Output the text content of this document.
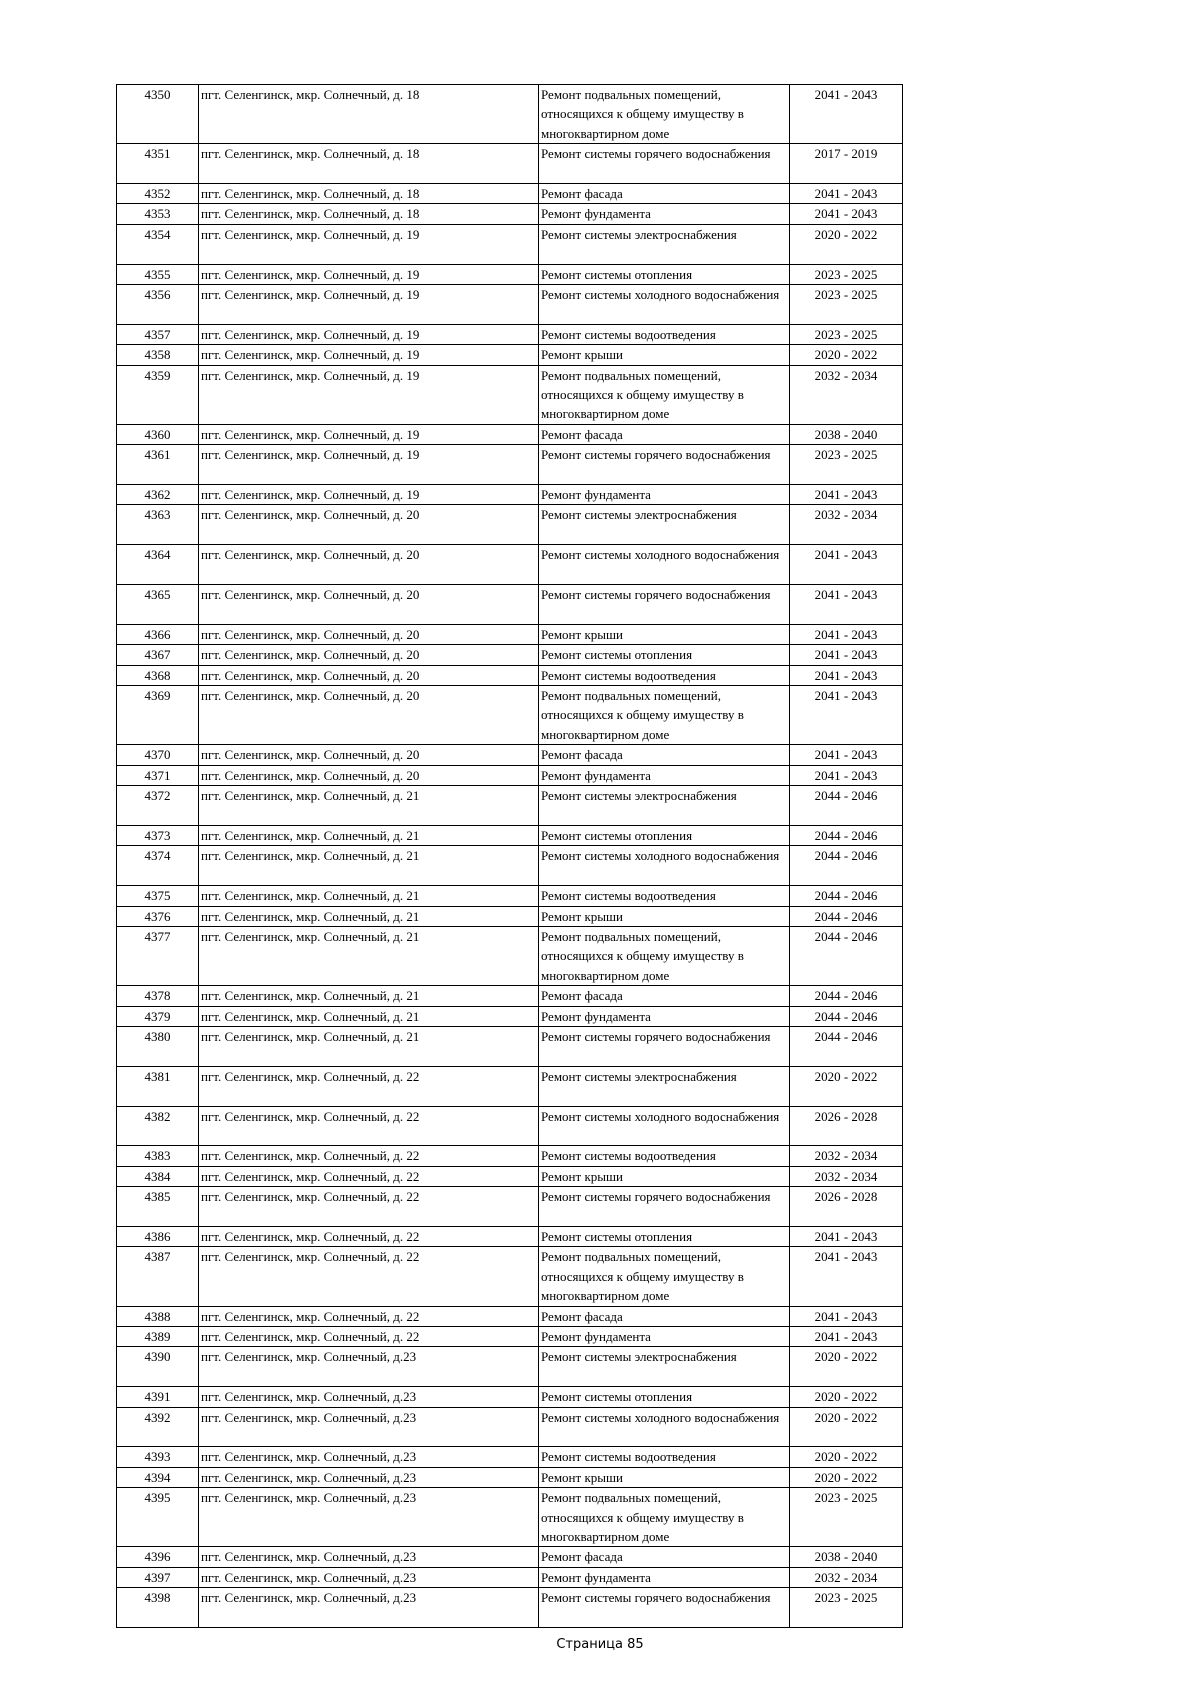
4350	пгт. Селенгинск, мкр. Солнечный, д. 18	Ремонт подвальных помещений, относящихся к общему имуществу в многоквартирном доме	2041 - 2043
4351	пгт. Селенгинск, мкр. Солнечный, д. 18	Ремонт системы горячего водоснабжения	2017 - 2019
4352	пгт. Селенгинск, мкр. Солнечный, д. 18	Ремонт фасада	2041 - 2043
4353	пгт. Селенгинск, мкр. Солнечный, д. 18	Ремонт фундамента	2041 - 2043
4354	пгт. Селенгинск, мкр. Солнечный, д. 19	Ремонт системы электроснабжения	2020 - 2022
4355	пгт. Селенгинск, мкр. Солнечный, д. 19	Ремонт системы отопления	2023 - 2025
4356	пгт. Селенгинск, мкр. Солнечный, д. 19	Ремонт системы холодного водоснабжения	2023 - 2025
4357	пгт. Селенгинск, мкр. Солнечный, д. 19	Ремонт системы водоотведения	2023 - 2025
4358	пгт. Селенгинск, мкр. Солнечный, д. 19	Ремонт крыши	2020 - 2022
4359	пгт. Селенгинск, мкр. Солнечный, д. 19	Ремонт подвальных помещений, относящихся к общему имуществу в многоквартирном доме	2032 - 2034
4360	пгт. Селенгинск, мкр. Солнечный, д. 19	Ремонт фасада	2038 - 2040
4361	пгт. Селенгинск, мкр. Солнечный, д. 19	Ремонт системы горячего водоснабжения	2023 - 2025
4362	пгт. Селенгинск, мкр. Солнечный, д. 19	Ремонт фундамента	2041 - 2043
4363	пгт. Селенгинск, мкр. Солнечный, д. 20	Ремонт системы электроснабжения	2032 - 2034
4364	пгт. Селенгинск, мкр. Солнечный, д. 20	Ремонт системы холодного водоснабжения	2041 - 2043
4365	пгт. Селенгинск, мкр. Солнечный, д. 20	Ремонт системы горячего водоснабжения	2041 - 2043
4366	пгт. Селенгинск, мкр. Солнечный, д. 20	Ремонт крыши	2041 - 2043
4367	пгт. Селенгинск, мкр. Солнечный, д. 20	Ремонт системы отопления	2041 - 2043
4368	пгт. Селенгинск, мкр. Солнечный, д. 20	Ремонт системы водоотведения	2041 - 2043
4369	пгт. Селенгинск, мкр. Солнечный, д. 20	Ремонт подвальных помещений, относящихся к общему имуществу в многоквартирном доме	2041 - 2043
4370	пгт. Селенгинск, мкр. Солнечный, д. 20	Ремонт фасада	2041 - 2043
4371	пгт. Селенгинск, мкр. Солнечный, д. 20	Ремонт фундамента	2041 - 2043
4372	пгт. Селенгинск, мкр. Солнечный, д. 21	Ремонт системы электроснабжения	2044 - 2046
4373	пгт. Селенгинск, мкр. Солнечный, д. 21	Ремонт системы отопления	2044 - 2046
4374	пгт. Селенгинск, мкр. Солнечный, д. 21	Ремонт системы холодного водоснабжения	2044 - 2046
4375	пгт. Селенгинск, мкр. Солнечный, д. 21	Ремонт системы водоотведения	2044 - 2046
4376	пгт. Селенгинск, мкр. Солнечный, д. 21	Ремонт крыши	2044 - 2046
4377	пгт. Селенгинск, мкр. Солнечный, д. 21	Ремонт подвальных помещений, относящихся к общему имуществу в многоквартирном доме	2044 - 2046
4378	пгт. Селенгинск, мкр. Солнечный, д. 21	Ремонт фасада	2044 - 2046
4379	пгт. Селенгинск, мкр. Солнечный, д. 21	Ремонт фундамента	2044 - 2046
4380	пгт. Селенгинск, мкр. Солнечный, д. 21	Ремонт системы горячего водоснабжения	2044 - 2046
4381	пгт. Селенгинск, мкр. Солнечный, д. 22	Ремонт системы электроснабжения	2020 - 2022
4382	пгт. Селенгинск, мкр. Солнечный, д. 22	Ремонт системы холодного водоснабжения	2026 - 2028
4383	пгт. Селенгинск, мкр. Солнечный, д. 22	Ремонт системы водоотведения	2032 - 2034
4384	пгт. Селенгинск, мкр. Солнечный, д. 22	Ремонт крыши	2032 - 2034
4385	пгт. Селенгинск, мкр. Солнечный, д. 22	Ремонт системы горячего водоснабжения	2026 - 2028
4386	пгт. Селенгинск, мкр. Солнечный, д. 22	Ремонт системы отопления	2041 - 2043
4387	пгт. Селенгинск, мкр. Солнечный, д. 22	Ремонт подвальных помещений, относящихся к общему имуществу в многоквартирном доме	2041 - 2043
4388	пгт. Селенгинск, мкр. Солнечный, д. 22	Ремонт фасада	2041 - 2043
4389	пгт. Селенгинск, мкр. Солнечный, д. 22	Ремонт фундамента	2041 - 2043
4390	пгт. Селенгинск, мкр. Солнечный, д.23	Ремонт системы электроснабжения	2020 - 2022
4391	пгт. Селенгинск, мкр. Солнечный, д.23	Ремонт системы отопления	2020 - 2022
4392	пгт. Селенгинск, мкр. Солнечный, д.23	Ремонт системы холодного водоснабжения	2020 - 2022
4393	пгт. Селенгинск, мкр. Солнечный, д.23	Ремонт системы водоотведения	2020 - 2022
4394	пгт. Селенгинск, мкр. Солнечный, д.23	Ремонт крыши	2020 - 2022
4395	пгт. Селенгинск, мкр. Солнечный, д.23	Ремонт подвальных помещений, относящихся к общему имуществу в многоквартирном доме	2023 - 2025
4396	пгт. Селенгинск, мкр. Солнечный, д.23	Ремонт фасада	2038 - 2040
4397	пгт. Селенгинск, мкр. Солнечный, д.23	Ремонт фундамента	2032 - 2034
4398	пгт. Селенгинск, мкр. Солнечный, д.23	Ремонт системы горячего водоснабжения	2023 - 2025
Страница 85
